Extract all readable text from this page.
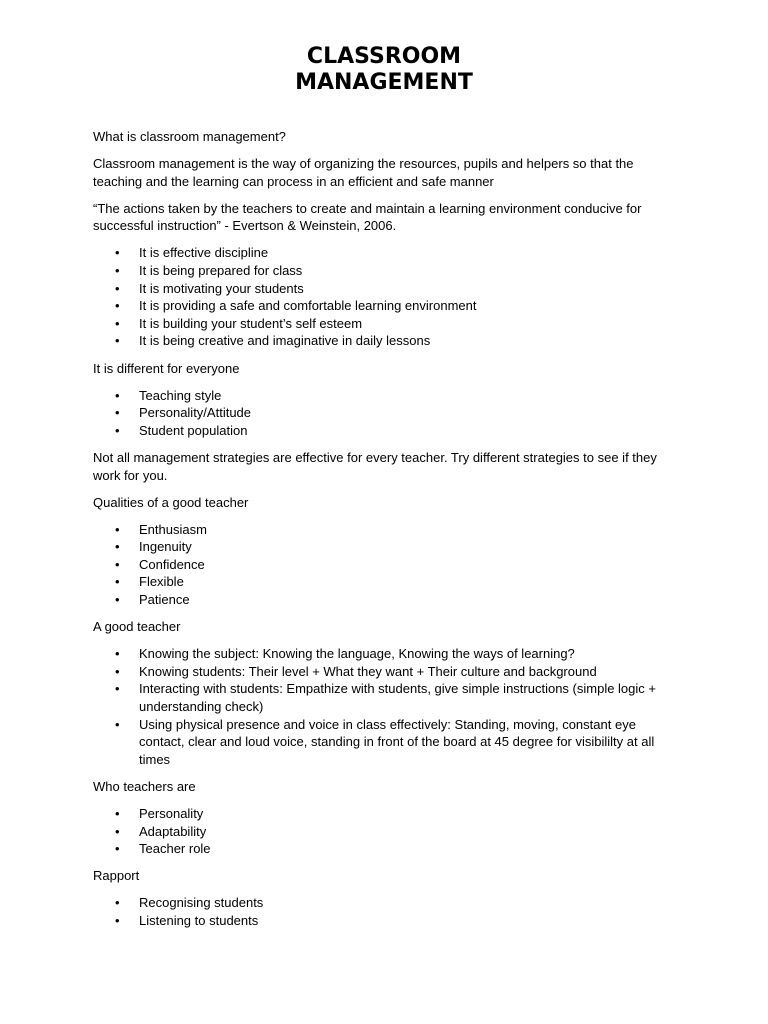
CLASSROOM
MANAGEMENT

What is classroom management?

Classroom management is the way of organizing the resources, pupils and helpers so that the teaching and the learning can process in an efficient and safe manner

“The actions taken by the teachers to create and maintain a learning environment conducive for successful instruction” - Evertson & Weinstein, 2006.

• It is effective discipline
• It is being prepared for class
• It is motivating your students
• It is providing a safe and comfortable learning environment
• It is building your student’s self esteem
• It is being creative and imaginative in daily lessons

It is different for everyone

• Teaching style
• Personality/Attitude
• Student population

Not all management strategies are effective for every teacher. Try different strategies to see if they work for you.

Qualities of a good teacher

• Enthusiasm
• Ingenuity
• Confidence
• Flexible
• Patience

A good teacher

• Knowing the subject: Knowing the language, Knowing the ways of learning?
• Knowing students: Their level + What they want + Their culture and background
• Interacting with students: Empathize with students, give simple instructions (simple logic + understanding check)
• Using physical presence and voice in class effectively: Standing, moving, constant eye contact, clear and loud voice, standing in front of the board at 45 degree for visibililty at all times

Who teachers are

• Personality
• Adaptability
• Teacher role

Rapport

• Recognising students
• Listening to students
